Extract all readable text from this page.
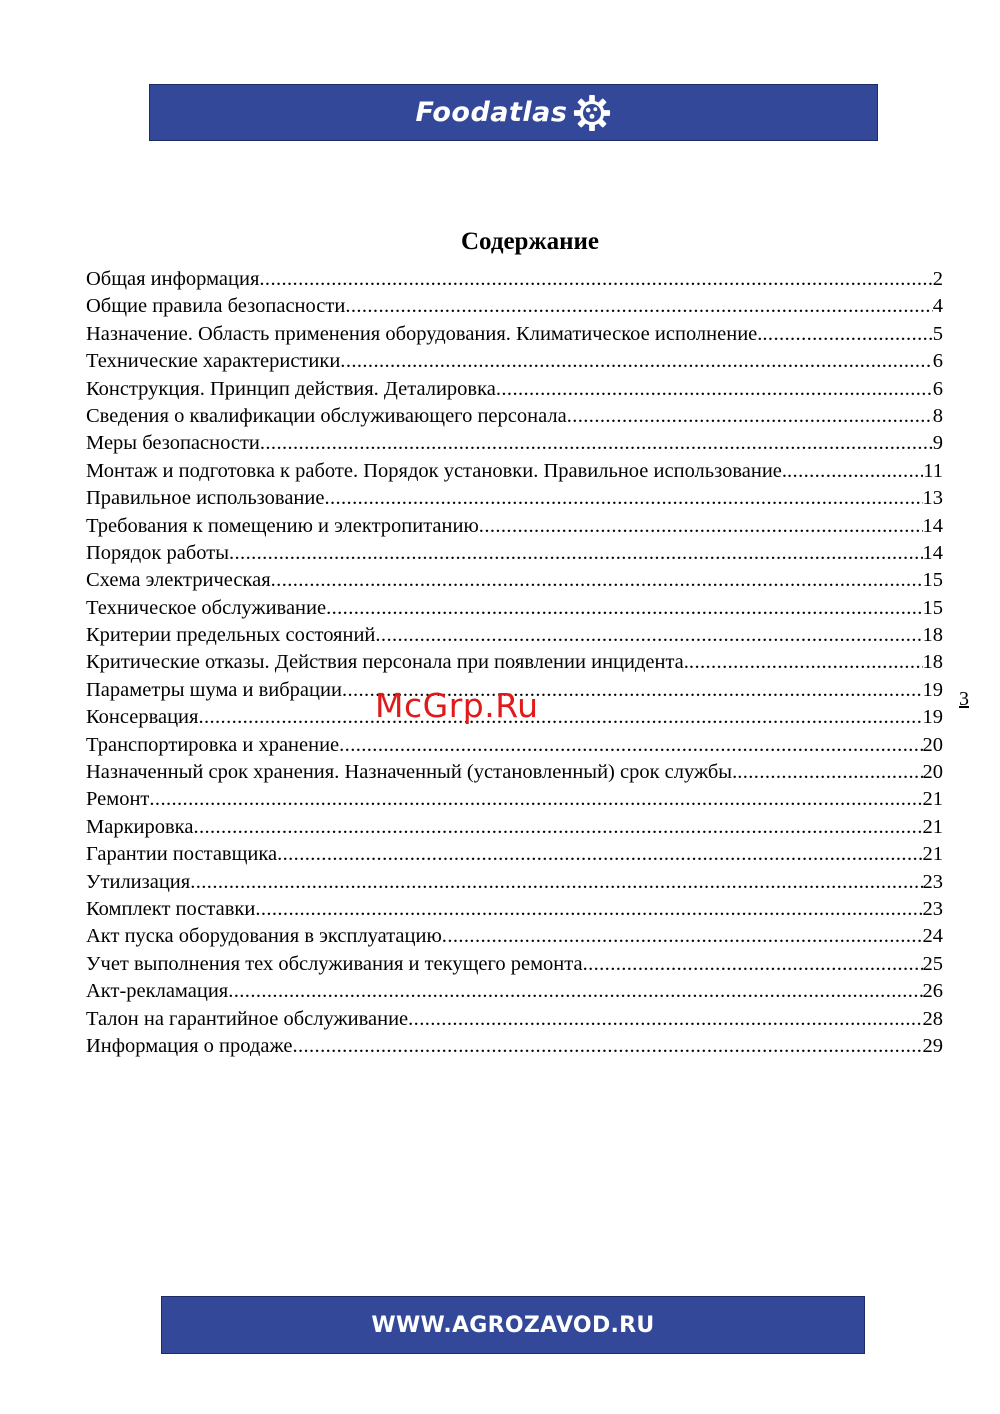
Foodatlas
Содержание
Общая информация .....	2
Общие правила безопасности .....	4
Назначение. Область применения оборудования. Климатическое исполнение. .....	5
Технические характеристики .....	6
Конструкция. Принцип действия. Деталировка .....	6
Сведения о квалификации обслуживающего персонала .....	8
Меры безопасности .....	9
Монтаж и подготовка к работе. Порядок установки. Правильное использование. .....	11
Правильное использование .....	13
Требования к помещению и электропитанию .....	14
Порядок работы .....	14
Схема электрическая .....	15
Техническое обслуживание .....	15
Критерии предельных состояний .....	18
Критические отказы. Действия персонала при появлении инцидента. .....	18
Параметры шума и вибрации .....	19
Консервация .....	19
Транспортировка и хранение .....	20
Назначенный срок хранения. Назначенный (установленный) срок службы. .....	20
Ремонт .....	21
Маркировка .....	21
Гарантии поставщика .....	21
Утилизация .....	23
Комплект поставки .....	23
Акт пуска оборудования в эксплуатацию .....	24
Учет выполнения тех обслуживания и текущего ремонта .....	25
Акт-рекламация .....	26
Талон на гарантийное обслуживание .....	28
Информация о продаже .....	29
McGrp.Ru	3
WWW.AGROZAVOD.RU
